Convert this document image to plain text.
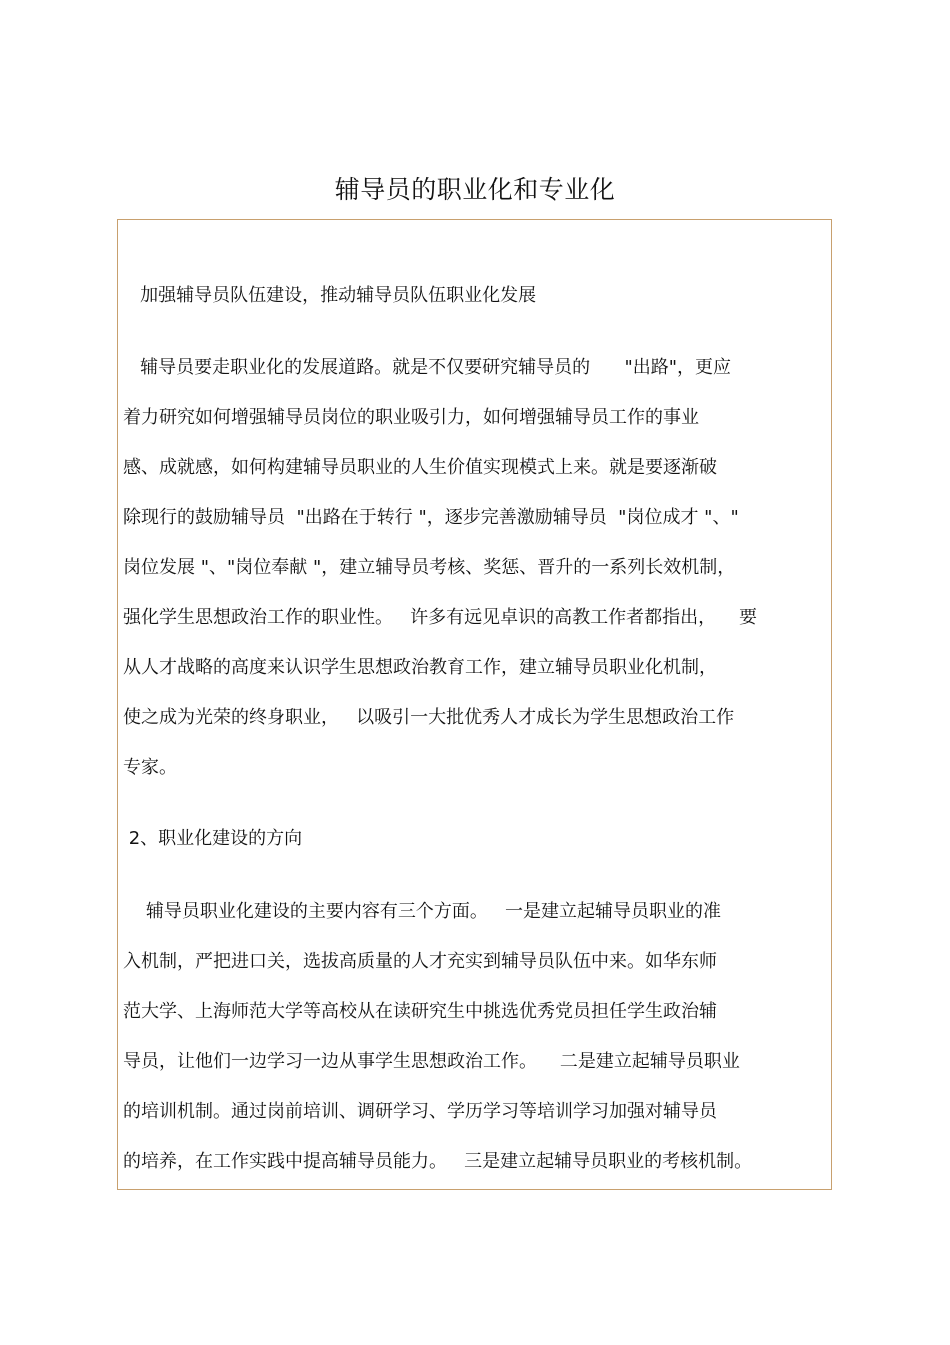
辅导员的职业化和专业化
加强辅导员队伍建设，推动辅导员队伍职业化发展
辅导员要走职业化的发展道路。就是不仅要研究辅导员的      "出路"，更应
着力研究如何增强辅导员岗位的职业吸引力，如何增强辅导员工作的事业
感、成就感，如何构建辅导员职业的人生价值实现模式上来。就是要逐渐破
除现行的鼓励辅导员  "出路在于转行 "，逐步完善激励辅导员  "岗位成才 "、"
岗位发展 "、"岗位奉献 "，建立辅导员考核、奖惩、晋升的一系列长效机制，
强化学生思想政治工作的职业性。   许多有远见卓识的高教工作者都指出，    要
从人才战略的高度来认识学生思想政治教育工作，建立辅导员职业化机制，
使之成为光荣的终身职业，   以吸引一大批优秀人才成长为学生思想政治工作
专家。
2、职业化建设的方向
辅导员职业化建设的主要内容有三个方面。   一是建立起辅导员职业的准
入机制，严把进口关，选拔高质量的人才充实到辅导员队伍中来。如华东师
范大学、上海师范大学等高校从在读研究生中挑选优秀党员担任学生政治辅
导员，让他们一边学习一边从事学生思想政治工作。    二是建立起辅导员职业
的培训机制。通过岗前培训、调研学习、学历学习等培训学习加强对辅导员
的培养，在工作实践中提高辅导员能力。   三是建立起辅导员职业的考核机制。
